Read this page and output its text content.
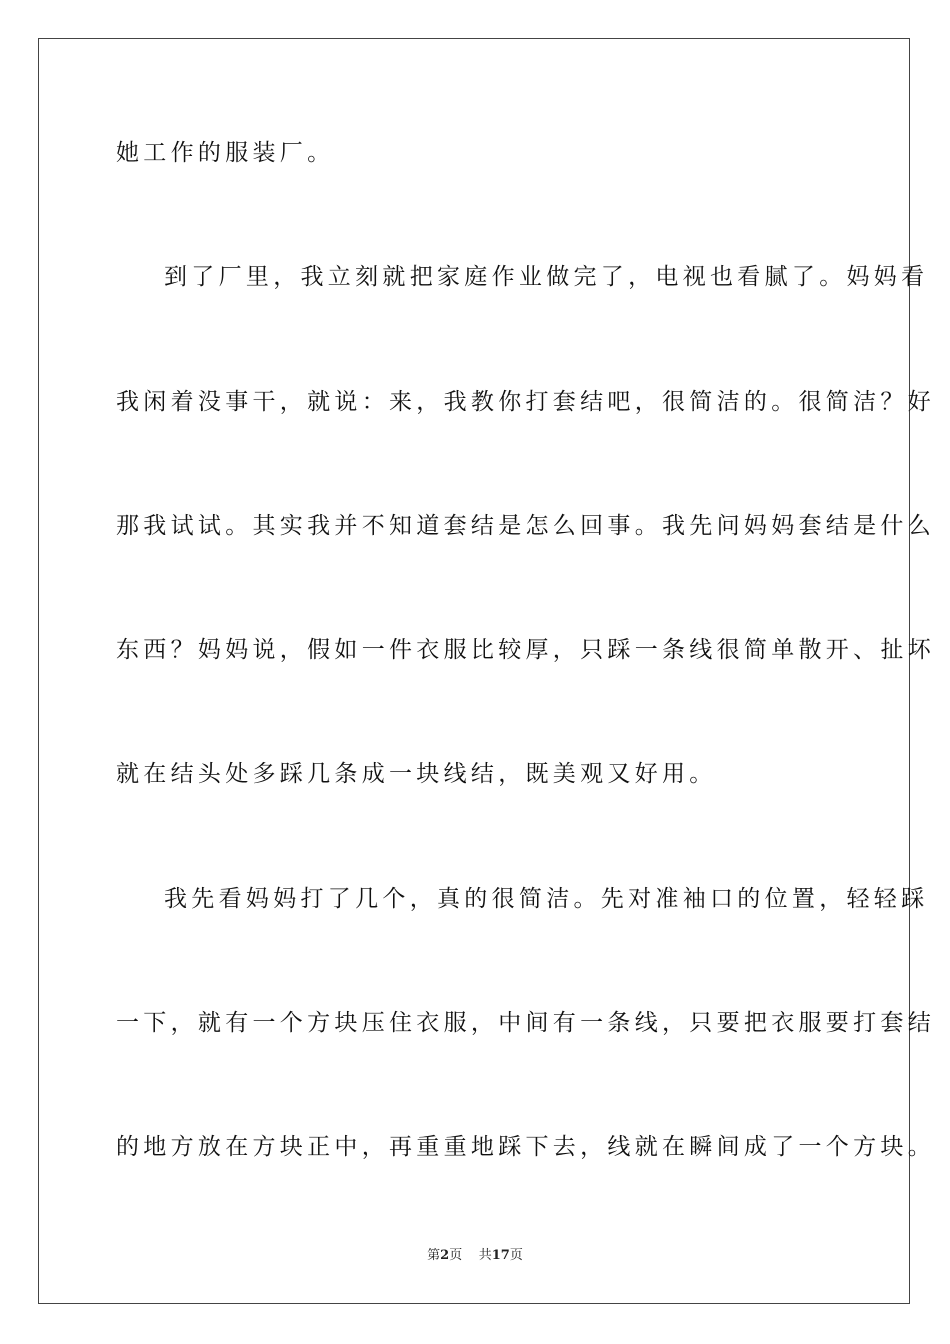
她工作的服装厂。
到了厂里，我立刻就把家庭作业做完了，电视也看腻了。妈妈看
我闲着没事干，就说：来，我教你打套结吧，很简洁的。很简洁？好
那我试试。其实我并不知道套结是怎么回事。我先问妈妈套结是什么
东西？妈妈说，假如一件衣服比较厚，只踩一条线很简单散开、扯坏
就在结头处多踩几条成一块线结，既美观又好用。
我先看妈妈打了几个，真的很简洁。先对准袖口的位置，轻轻踩
一下，就有一个方块压住衣服，中间有一条线，只要把衣服要打套结
的地方放在方块正中，再重重地踩下去，线就在瞬间成了一个方块。
第2页 共17页
